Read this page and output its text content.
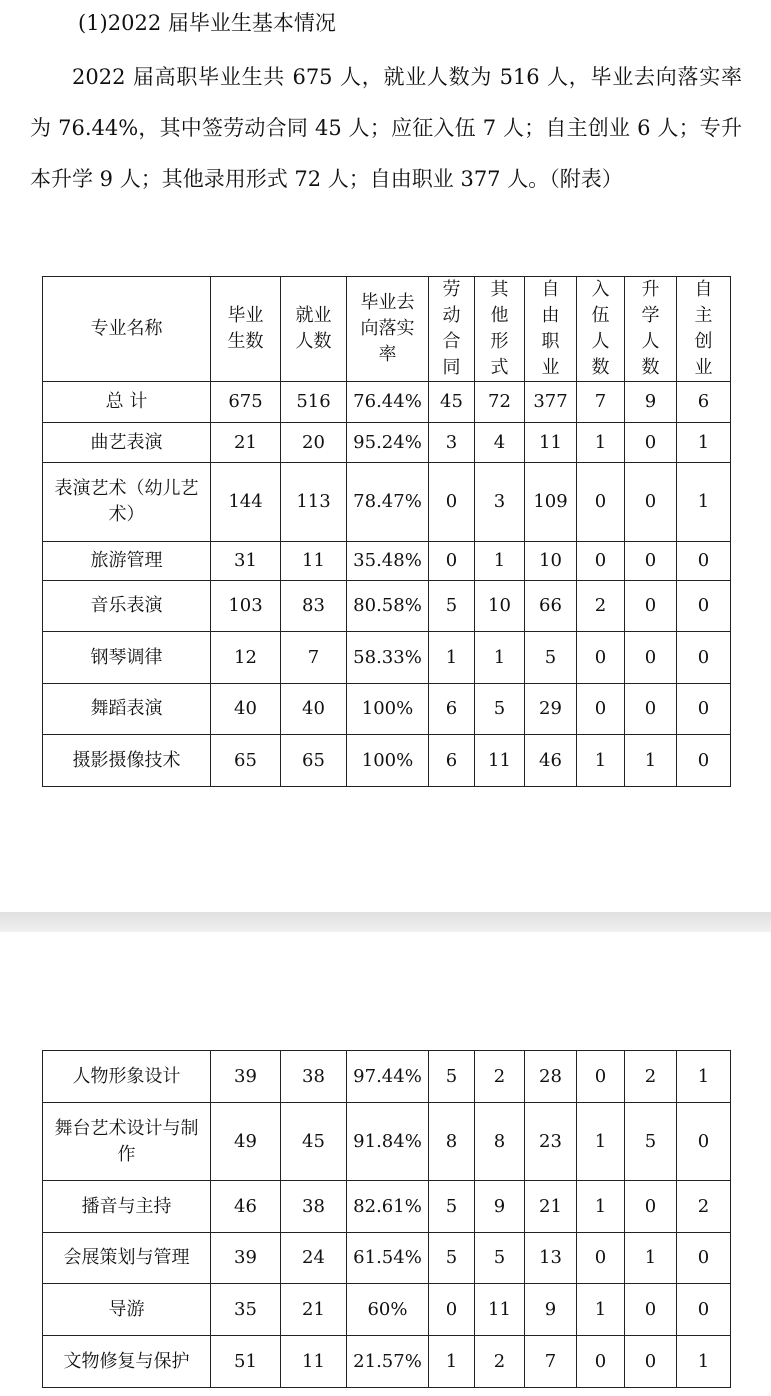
(1)2022 届毕业生基本情况

2022 届高职毕业生共 675 人，就业人数为 516 人，毕业去向落实率为 76.44%，其中签劳动合同 45 人；应征入伍 7 人；自主创业 6 人；专升本升学 9 人；其他录用形式 72 人；自由职业 377 人。（附表）

专业名称	毕业生数	就业人数	毕业去向落实率	劳动合同	其他形式	自由职业	入伍人数	升学人数	自主创业
总 计	675	516	76.44%	45	72	377	7	9	6
曲艺表演	21	20	95.24%	3	4	11	1	0	1
表演艺术（幼儿艺术）	144	113	78.47%	0	3	109	0	0	1
旅游管理	31	11	35.48%	0	1	10	0	0	0
音乐表演	103	83	80.58%	5	10	66	2	0	0
钢琴调律	12	7	58.33%	1	1	5	0	0	0
舞蹈表演	40	40	100%	6	5	29	0	0	0
摄影摄像技术	65	65	100%	6	11	46	1	1	0
人物形象设计	39	38	97.44%	5	2	28	0	2	1
舞台艺术设计与制作	49	45	91.84%	8	8	23	1	5	0
播音与主持	46	38	82.61%	5	9	21	1	0	2
会展策划与管理	39	24	61.54%	5	5	13	0	1	0
导游	35	21	60%	0	11	9	1	0	0
文物修复与保护	51	11	21.57%	1	2	7	0	0	1
